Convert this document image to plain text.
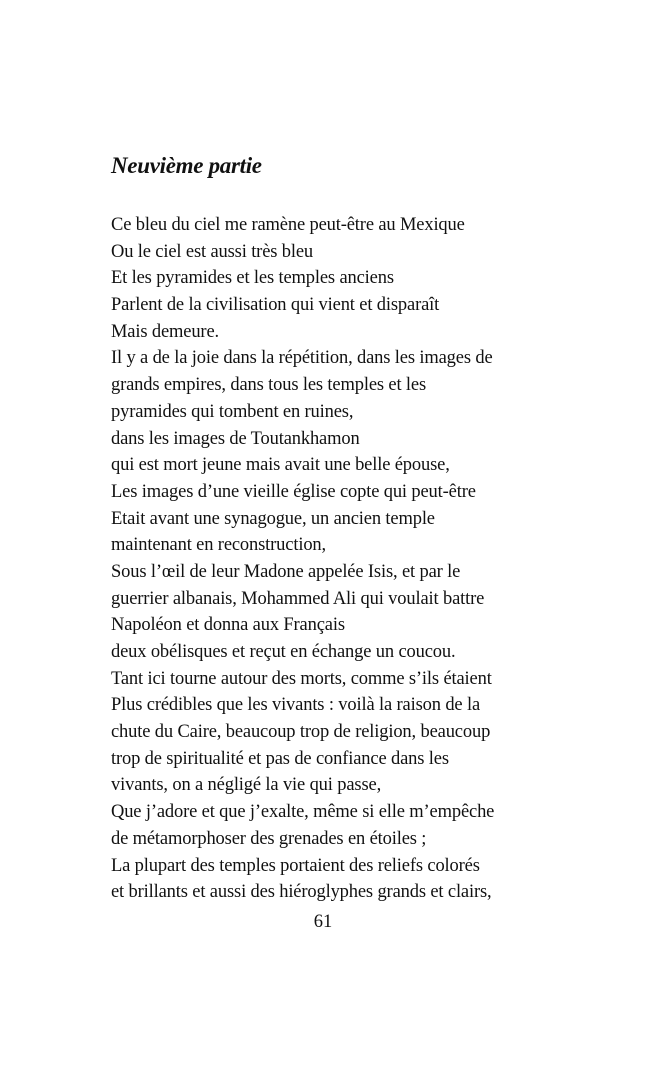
Neuvième partie
Ce bleu du ciel me ramène peut-être au Mexique
Ou le ciel est aussi très bleu
Et les pyramides et les temples anciens
Parlent de la civilisation qui vient et disparaît
Mais demeure.
Il y a de la joie dans la répétition, dans les images de
grands empires, dans tous les temples et les
pyramides qui tombent en ruines,
dans les images de Toutankhamon
qui est mort jeune mais avait une belle épouse,
Les images d’une vieille église copte qui peut-être
Etait avant une synagogue, un ancien temple
maintenant en reconstruction,
Sous l’œil de leur Madone appelée Isis, et par le
guerrier albanais, Mohammed Ali qui voulait battre
Napoléon et donna aux Français
deux obélisques et reçut en échange un coucou.
Tant ici tourne autour des morts, comme s’ils étaient
Plus crédibles que les vivants : voilà la raison de la
chute du Caire, beaucoup trop de religion, beaucoup
trop de spiritualité et pas de confiance dans les
vivants, on a négligé la vie qui passe,
Que j’adore et que j’exalte, même si elle m’empêche
de métamorphoser des grenades en étoiles ;
La plupart des temples portaient des reliefs colorés
et brillants et aussi des hiéroglyphes grands et clairs,
61
